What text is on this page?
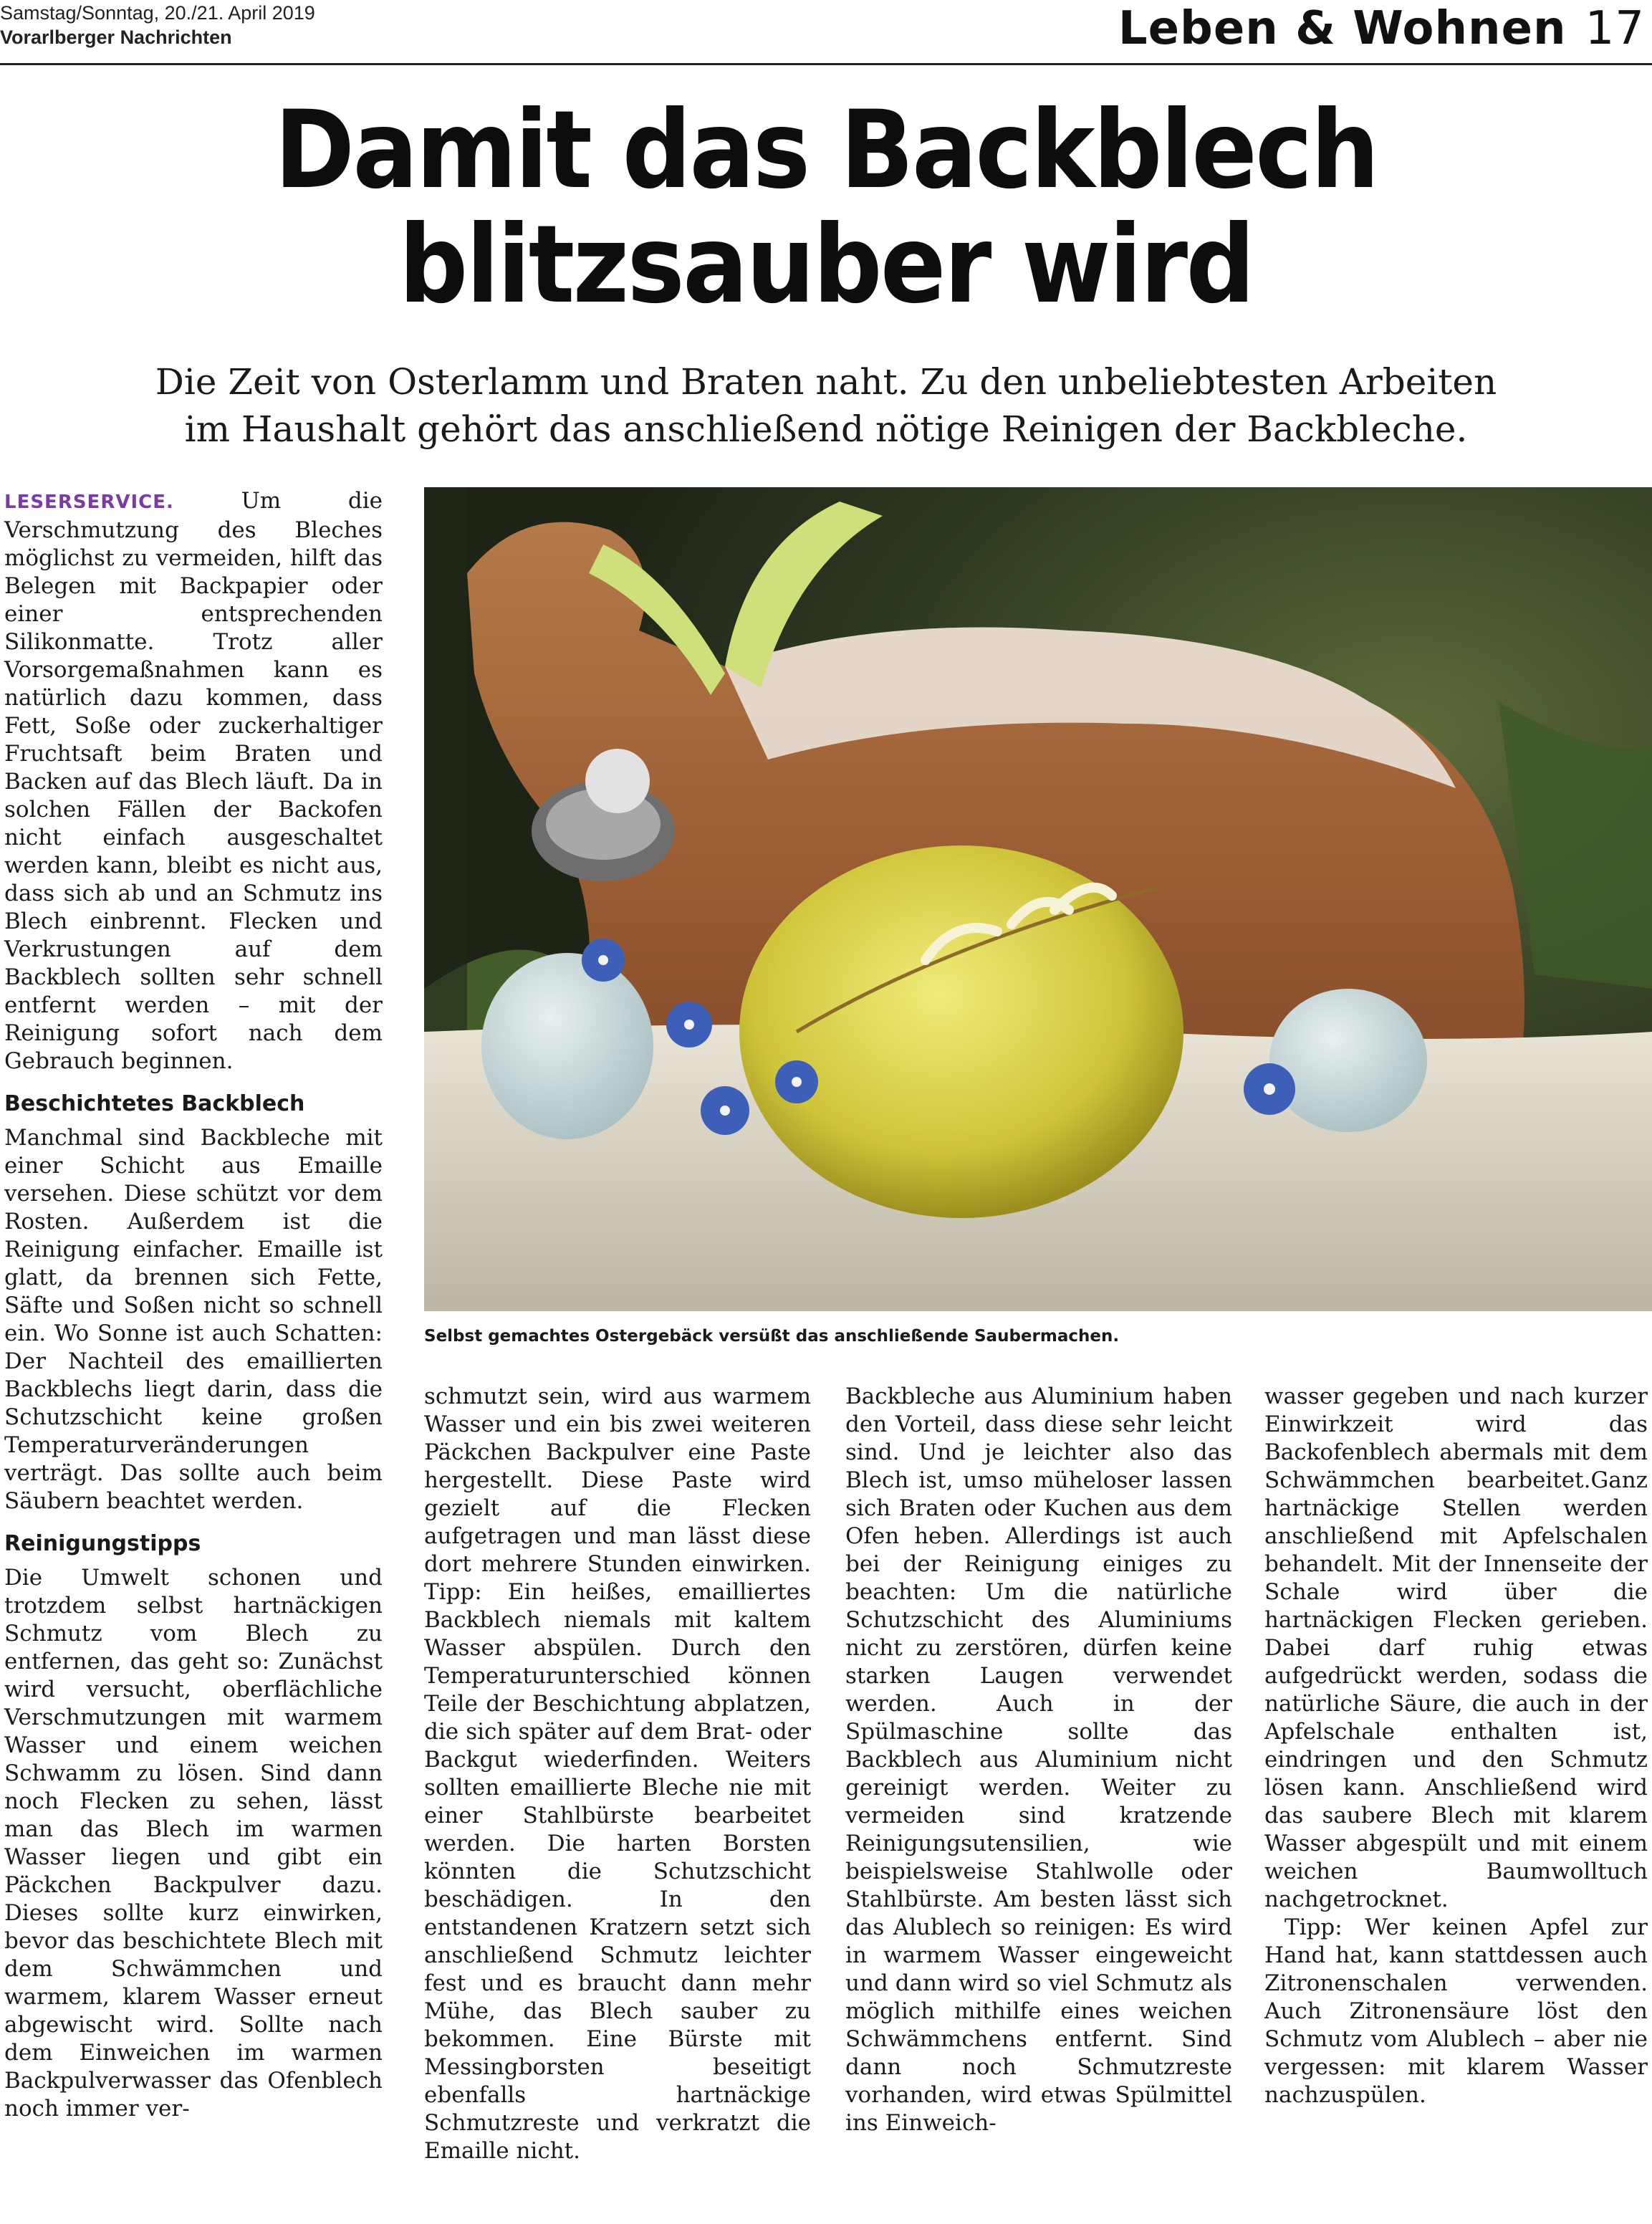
Samstag/Sonntag, 20./21. April 2019
Vorarlberger Nachrichten	Leben & Wohnen 17
Damit das Backblech
blitzsauber wird
Die Zeit von Osterlamm und Braten naht. Zu den unbeliebtesten Arbeiten
im Haushalt gehört das anschließend nötige Reinigen der Backbleche.

LESERSERVICE.	Um die Verschmutzung des Bleches möglichst zu vermeiden, hilft das Belegen mit Backpapier oder einer entsprechenden Silikonmatte. Trotz aller Vorsorgemaßnahmen kann es natürlich dazu kommen, dass Fett, Soße oder zuckerhaltiger Fruchtsaft beim Braten und Backen auf das Blech läuft. Da in solchen Fällen der Backofen nicht einfach ausgeschaltet werden kann, bleibt es nicht aus, dass sich ab und an Schmutz ins Blech einbrennt. Flecken und Verkrustungen auf dem Backblech sollten sehr schnell entfernt werden – mit der Reinigung sofort nach dem Gebrauch beginnen.

Beschichtetes Backblech

Manchmal sind Backbleche mit einer Schicht aus Emaille versehen. Diese schützt vor dem Rosten. Außerdem ist die Reinigung einfacher. Emaille ist glatt, da brennen sich Fette, Säfte und Soßen nicht so schnell ein. Wo Sonne ist auch Schatten: Der Nachteil des emaillierten Backblechs liegt darin, dass die Schutzschicht keine großen Temperaturveränderungen verträgt. Das sollte auch beim Säubern beachtet werden.

Reinigungstipps

Die Umwelt schonen und trotzdem selbst hartnäckigen Schmutz vom Blech zu entfernen, das geht so: Zunächst wird versucht, oberflächliche Verschmutzungen mit warmem Wasser und einem weichen Schwamm zu lösen. Sind dann noch Flecken zu sehen, lässt man das Blech im warmen Wasser liegen und gibt ein Päckchen Backpulver dazu. Dieses sollte kurz einwirken, bevor das beschichtete Blech mit dem Schwämmchen und warmem, klarem Wasser erneut abgewischt wird. Sollte nach dem Einweichen im warmen Backpulverwasser das Ofenblech noch immer ver-

Selbst gemachtes Ostergebäck versüßt das anschließende Saubermachen.

schmutzt sein, wird aus warmem Wasser und ein bis zwei weiteren Päckchen Backpulver eine Paste hergestellt. Diese Paste wird gezielt auf die Flecken aufgetragen und man lässt diese dort mehrere Stunden einwirken. Tipp: Ein heißes, emailliertes Backblech niemals mit kaltem Wasser abspülen. Durch den Temperaturunterschied können Teile der Beschichtung abplatzen, die sich später auf dem Brat- oder Backgut wiederfinden. Weiters sollten emaillierte Bleche nie mit einer Stahlbürste bearbeitet werden. Die harten Borsten könnten die Schutzschicht beschädigen. In den entstandenen Kratzern setzt sich anschließend Schmutz leichter fest und es braucht dann mehr Mühe, das Blech sauber zu bekommen. Eine Bürste mit Messingborsten beseitigt ebenfalls hartnäckige Schmutzreste und verkratzt die Emaille nicht.

Backbleche aus Aluminium haben den Vorteil, dass diese sehr leicht sind. Und je leichter also das Blech ist, umso müheloser lassen sich Braten oder Kuchen aus dem Ofen heben. Allerdings ist auch bei der Reinigung einiges zu beachten: Um die natürliche Schutzschicht des Aluminiums nicht zu zerstören, dürfen keine starken Laugen verwendet werden. Auch in der Spülmaschine sollte das Backblech aus Aluminium nicht gereinigt werden. Weiter zu vermeiden sind kratzende Reinigungsutensilien, wie beispielsweise Stahlwolle oder Stahlbürste. Am besten lässt sich das Alublech so reinigen: Es wird in warmem Wasser eingeweicht und dann wird so viel Schmutz als möglich mithilfe eines weichen Schwämmchens entfernt. Sind dann noch Schmutzreste vorhanden, wird etwas Spülmittel ins Einweich-

wasser gegeben und nach kurzer Einwirkzeit wird das Backofenblech abermals mit dem Schwämmchen bearbeitet.Ganz hartnäckige Stellen werden anschließend mit Apfelschalen behandelt. Mit der Innenseite der Schale wird über die hartnäckigen Flecken gerieben. Dabei darf ruhig etwas aufgedrückt werden, sodass die natürliche Säure, die auch in der Apfelschale enthalten ist, eindringen und den Schmutz lösen kann. Anschließend wird das saubere Blech mit klarem Wasser abgespült und mit einem weichen Baumwolltuch nachgetrocknet.

Tipp: Wer keinen Apfel zur Hand hat, kann stattdessen auch Zitronenschalen verwenden. Auch Zitronensäure löst den Schmutz vom Alublech – aber nie vergessen: mit klarem Wasser nachzuspülen.
